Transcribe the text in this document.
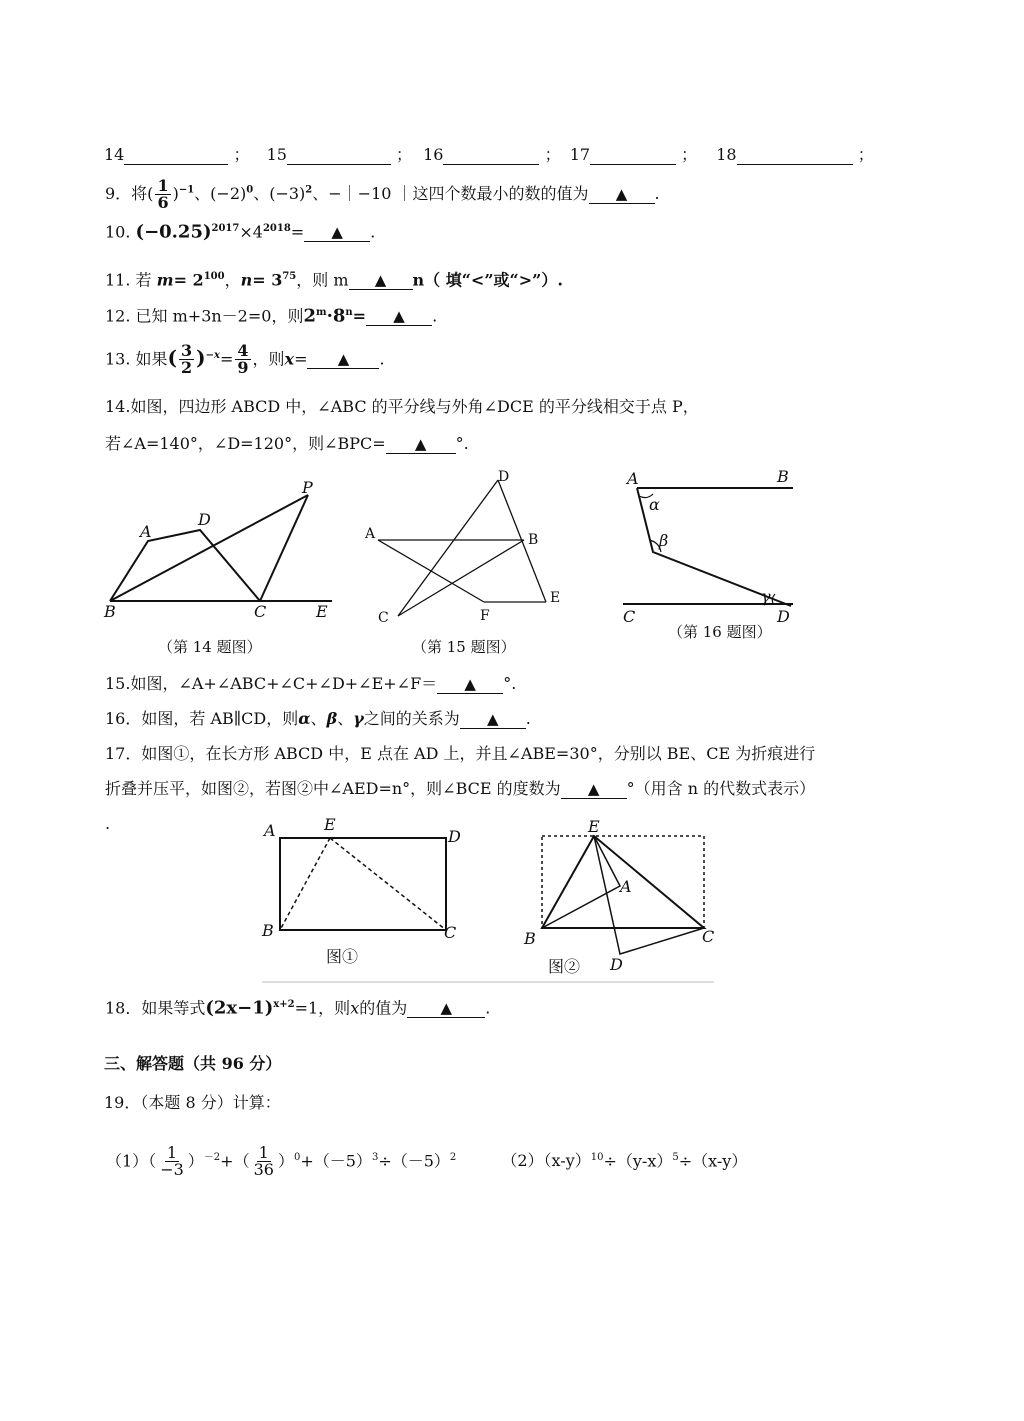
14	； 15	； 16	； 17	； 18	；
9．将( $\frac{1}{6} )^{-1}$、$(-2)^0$、$(-3)^2$、−｜−10 ｜这四个数最小的数的值为 ▲ .
10. $(-0.25)^{2017}\times 4^{2018}=$ ▲ .
11. 若 $m= 2^{100}$，$n= 3^{75}$，则 m ▲ n（ 填“<”或“>”）.
12. 已知 m+3n－2=0，则$2^m\cdot 8^n=$ ▲ .
13. 如果( $\frac{3}{2} )^{-x}= \frac{4}{9}$ ，则x= ▲ .
14.如图，四边形 ABCD 中，∠ABC 的平分线与外角∠DCE 的平分线相交于点 P，
若∠A=140°，∠D=120°，则∠BPC= ▲ °.
A
D
P
B	C	E
（第 14 题图）
D
A	B
E
F
C
（第 15 题图）
A	B
α
β
γ
C	D
（第 16 题图）
15.如图，∠A+∠ABC+∠C+∠D+∠E+∠F＝ ▲ °.
16．如图，若 AB∥CD，则α、β、γ之间的关系为 ▲ .
17．如图①，在长方形 ABCD 中，E 点在 AD 上，并且∠ABE=30°，分别以 BE、CE 为折痕进行
折叠并压平，如图②，若图②中∠AED=n°，则∠BCE 的度数为 ▲ °（用含 n 的代数式表示）
.	A	E
D
B	C
图①
E
A
B	C
D
图②
18．如果等式$(2x-1)^{x+2}=1$，则x的值为 ▲ .
三、解答题（共 96 分）
19．（本题 8 分）计算：
$(1)( \frac{1}{-3} )^{-2}+( \frac{1}{36} )^0+(-5)^3\div(-5)^2$	$(2)(x-y)^{10}\div(y-x)^5\div(x-y)$
